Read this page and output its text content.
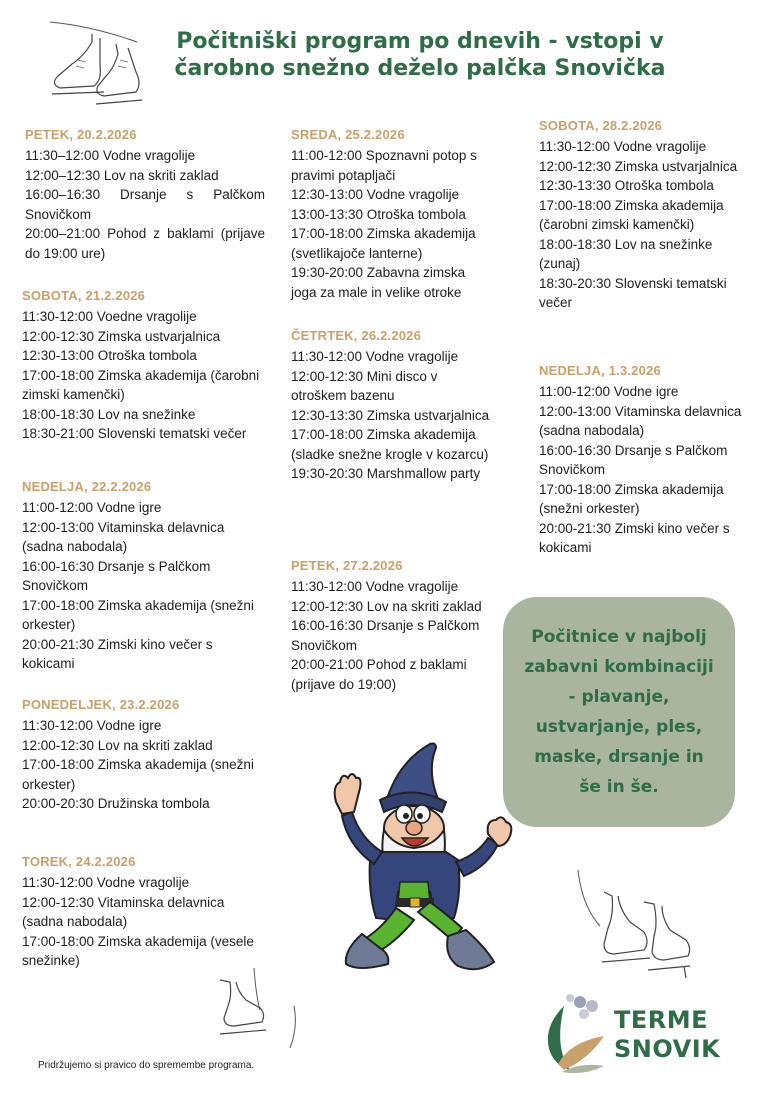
Počitniški program po dnevih - vstopi v čarobno snežno deželo palčka Snovička

PETEK, 20.2.2026

11:30–12:00 Vodne vragolije

12:00–12:30 Lov na skriti zaklad

16:00–16:30 Drsanje s Palčkom Snovičkom

20:00–21:00 Pohod z baklami (prijave do 19:00 ure)

SOBOTA, 21.2.2026

11:30-12:00 Voedne vragolije

12:00-12:30 Zimska ustvarjalnica

12:30-13:00 Otroška tombola

17:00-18:00 Zimska akademija (čarobni zimski kamenčki)

18:00-18:30 Lov na snežinke

18:30-21:00 Slovenski tematski večer

NEDELJA, 22.2.2026

11:00-12:00 Vodne igre

12:00-13:00 Vitaminska delavnica (sadna nabodala)

16:00-16:30 Drsanje s Palčkom Snovičkom

17:00-18:00 Zimska akademija (snežni orkester)

20:00-21:30 Zimski kino večer s kokicami

PONEDELJEK, 23.2.2026

11:30-12:00 Vodne igre

12:00-12:30 Lov na skriti zaklad

17:00-18:00 Zimska akademija (snežni orkester)

20:00-20:30 Družinska tombola

TOREK, 24.2.2026

11:30-12:00 Vodne vragolije

12:00-12:30 Vitaminska delavnica (sadna nabodala)

17:00-18:00 Zimska akademija (vesele snežinke)

SREDA, 25.2.2026

11:00-12:00 Spoznavni potop s pravimi potapljači

12:30-13:00 Vodne vragolije

13:00-13:30 Otroška tombola

17:00-18:00 Zimska akademija (svetlikajoče lanterne)

19:30-20:00 Zabavna zimska joga za male in velike otroke

ČETRTEK, 26.2.2026

11:30-12:00 Vodne vragolije

12:00-12:30 Mini disco v otroškem bazenu

12:30-13:30 Zimska ustvarjalnica

17:00-18:00 Zimska akademija (sladke snežne krogle v kozarcu)

19:30-20:30 Marshmallow party

PETEK, 27.2.2026

11:30-12:00 Vodne vragolije

12:00-12:30 Lov na skriti zaklad

16:00-16:30 Drsanje s Palčkom Snovičkom

20:00-21:00 Pohod z baklami (prijave do 19:00)

SOBOTA, 28.2.2026

11:30-12:00 Vodne vragolije

12:00-12:30 Zimska ustvarjalnica

12:30-13:30 Otroška tombola

17:00-18:00 Zimska akademija (čarobni zimski kamenčki)

18:00-18:30 Lov na snežinke (zunaj)

18:30-20:30 Slovenski tematski večer

NEDELJA, 1.3.2026

11:00-12:00 Vodne igre

12:00-13:00 Vitaminska delavnica (sadna nabodala)

16:00-16:30 Drsanje s Palčkom Snovičkom

17:00-18:00 Zimska akademija (snežni orkester)

20:00-21:30 Zimski kino večer s kokicami

Počitnice v najbolj zabavni kombinaciji - plavanje, ustvarjanje, ples, maske, drsanje in še in še.

Pridržujemo si pravico do spremembe programa.

TERME
SNOVIK
